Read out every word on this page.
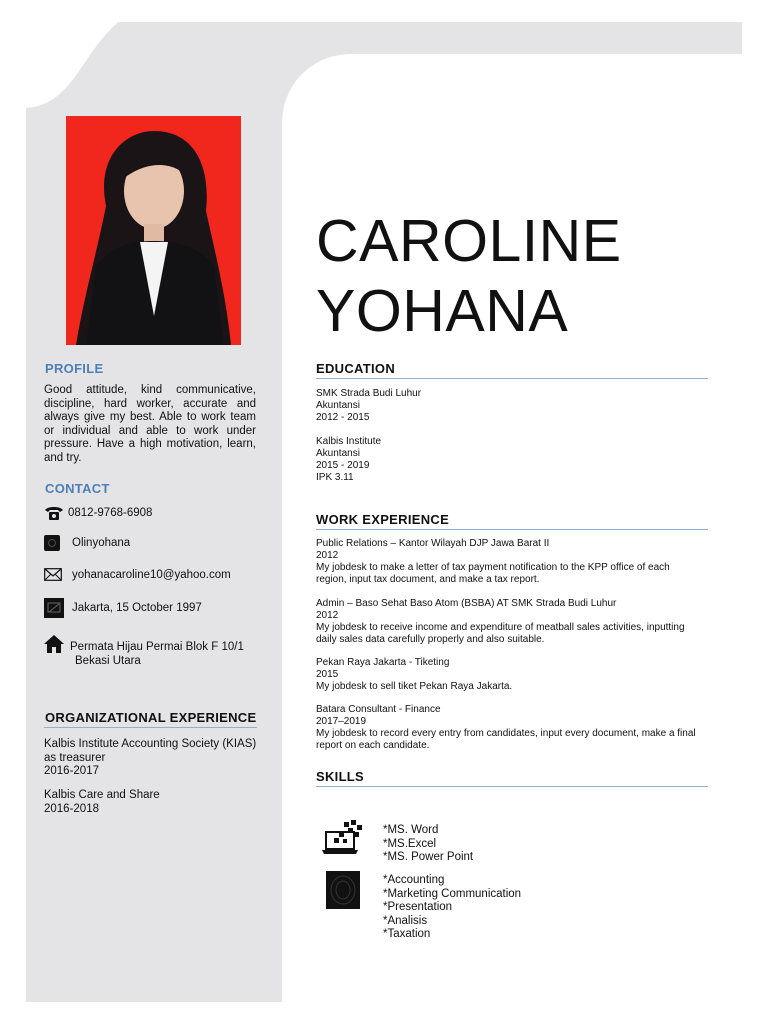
PROFILE
Good attitude, kind communicative, discipline, hard worker, accurate and always give my best. Able to work team or individual and able to work under pressure. Have a high motivation, learn, and try.
CONTACT
0812-9768-6908
Olinyohana
yohanacaroline10@yahoo.com
Jakarta, 15 October 1997
Permata Hijau Permai Blok F 10/1
Bekasi Utara
ORGANIZATIONAL EXPERIENCE
Kalbis Institute Accounting Society (KIAS)
as treasurer
2016-2017
Kalbis Care and Share
2016-2018
CAROLINE
YOHANA
EDUCATION
SMK Strada Budi Luhur
Akuntansi
2012 - 2015
Kalbis Institute
Akuntansi
2015 - 2019
IPK 3.11
WORK EXPERIENCE
Public Relations – Kantor Wilayah DJP Jawa Barat II
2012
My jobdesk to make a letter of tax payment notification to the KPP office of each
region, input tax document, and make a tax report.
Admin – Baso Sehat Baso Atom (BSBA) AT SMK Strada Budi Luhur
2012
My jobdesk to receive income and expenditure of meatball sales activities, inputting
daily sales data carefully properly and also suitable.
Pekan Raya Jakarta - Tiketing
2015
My jobdesk to sell tiket Pekan Raya Jakarta.
Batara Consultant - Finance
2017–2019
My jobdesk to record every entry from candidates, input every document, make a final
report on each candidate.
SKILLS
*MS. Word
*MS.Excel
*MS. Power Point
*Accounting
*Marketing Communication
*Presentation
*Analisis
*Taxation
